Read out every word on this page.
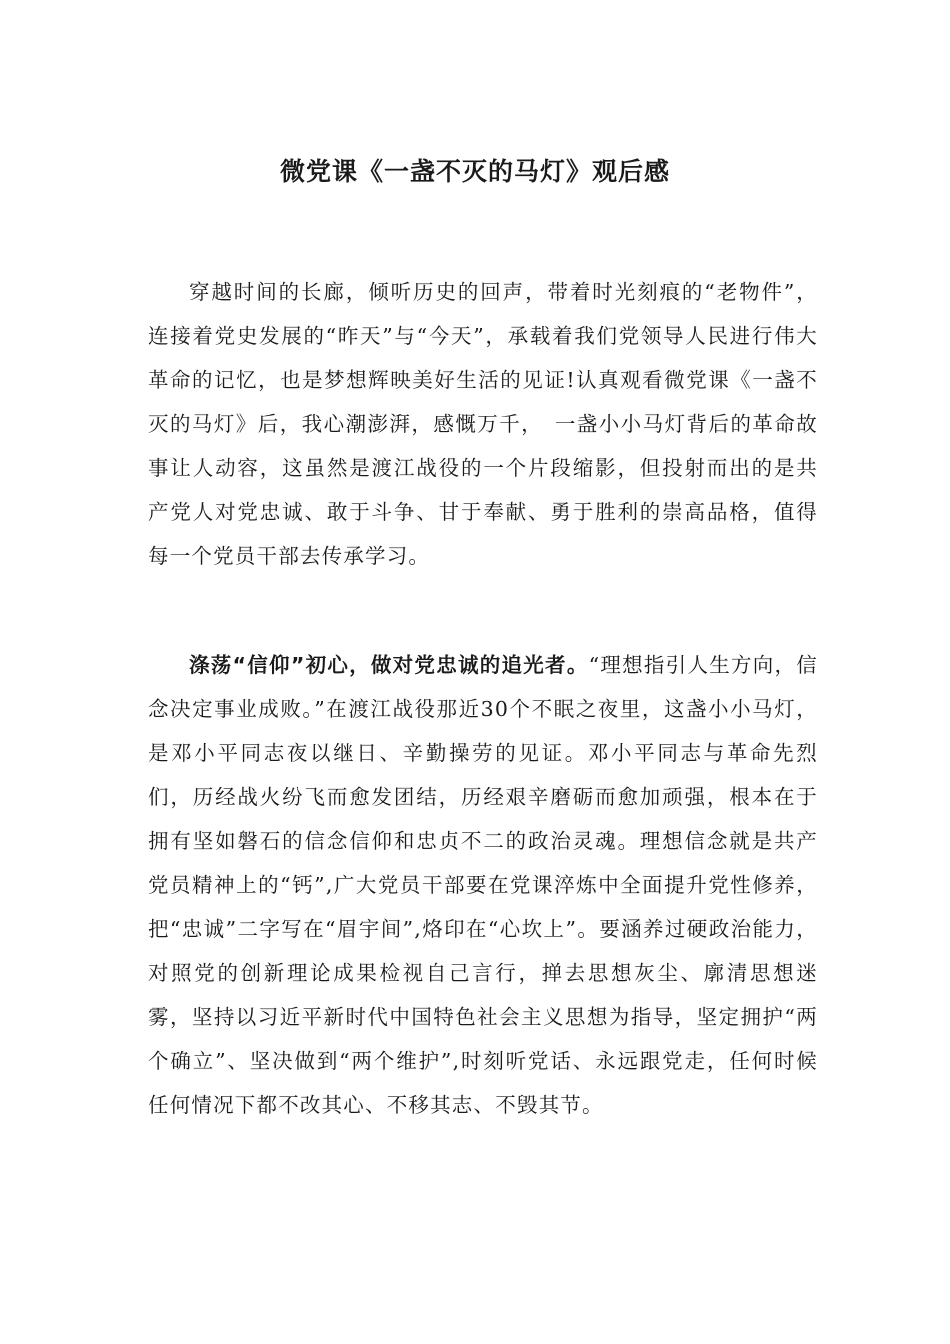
微党课《一盏不灭的马灯》观后感

穿越时间的长廊，倾听历史的回声，带着时光刻痕的“老物件”，连接着党史发展的“昨天”与“今天”，承载着我们党领导人民进行伟大革命的记忆，也是梦想辉映美好生活的见证!认真观看微党课《一盏不灭的马灯》后，我心潮澎湃，感慨万千，　一盏小小马灯背后的革命故事让人动容，这虽然是渡江战役的一个片段缩影，但投射而出的是共产党人对党忠诚、敢于斗争、甘于奉献、勇于胜利的崇高品格，值得每一个党员干部去传承学习。

涤荡“信仰”初心，做对党忠诚的追光者。“理想指引人生方向，信念决定事业成败。”在渡江战役那近30个不眠之夜里，这盏小小马灯，是邓小平同志夜以继日、辛勤操劳的见证。邓小平同志与革命先烈们，历经战火纷飞而愈发团结，历经艰辛磨砺而愈加顽强，根本在于拥有坚如磐石的信念信仰和忠贞不二的政治灵魂。理想信念就是共产党员精神上的“钙”,广大党员干部要在党课淬炼中全面提升党性修养，把“忠诚”二字写在“眉宇间”,烙印在“心坎上”。要涵养过硬政治能力，对照党的创新理论成果检视自己言行，掸去思想灰尘、廓清思想迷雾，坚持以习近平新时代中国特色社会主义思想为指导，坚定拥护“两个确立”、坚决做到“两个维护”,时刻听党话、永远跟党走，任何时候任何情况下都不改其心、不移其志、不毁其节。
